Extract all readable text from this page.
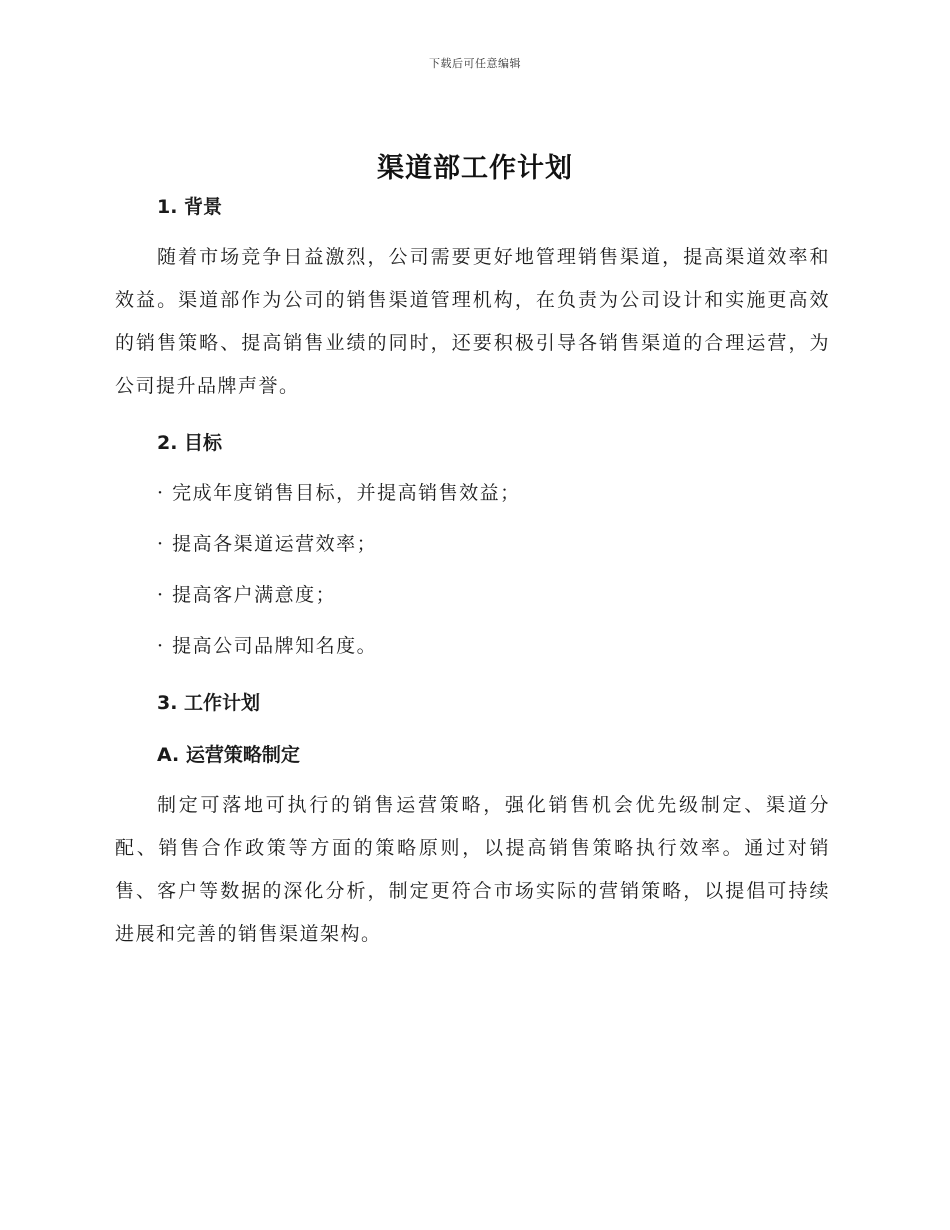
下载后可任意编辑
渠道部工作计划
1. 背景

随着市场竞争日益激烈，公司需要更好地管理销售渠道，提高渠道效率和效益。渠道部作为公司的销售渠道管理机构，在负责为公司设计和实施更高效的销售策略、提高销售业绩的同时，还要积极引导各销售渠道的合理运营，为公司提升品牌声誉。

2. 目标

· 完成年度销售目标，并提高销售效益；

· 提高各渠道运营效率；

· 提高客户满意度；

· 提高公司品牌知名度。

3. 工作计划
A. 运营策略制定

制定可落地可执行的销售运营策略，强化销售机会优先级制定、渠道分配、销售合作政策等方面的策略原则，以提高销售策略执行效率。通过对销售、客户等数据的深化分析，制定更符合市场实际的营销策略，以提倡可持续进展和完善的销售渠道架构。
